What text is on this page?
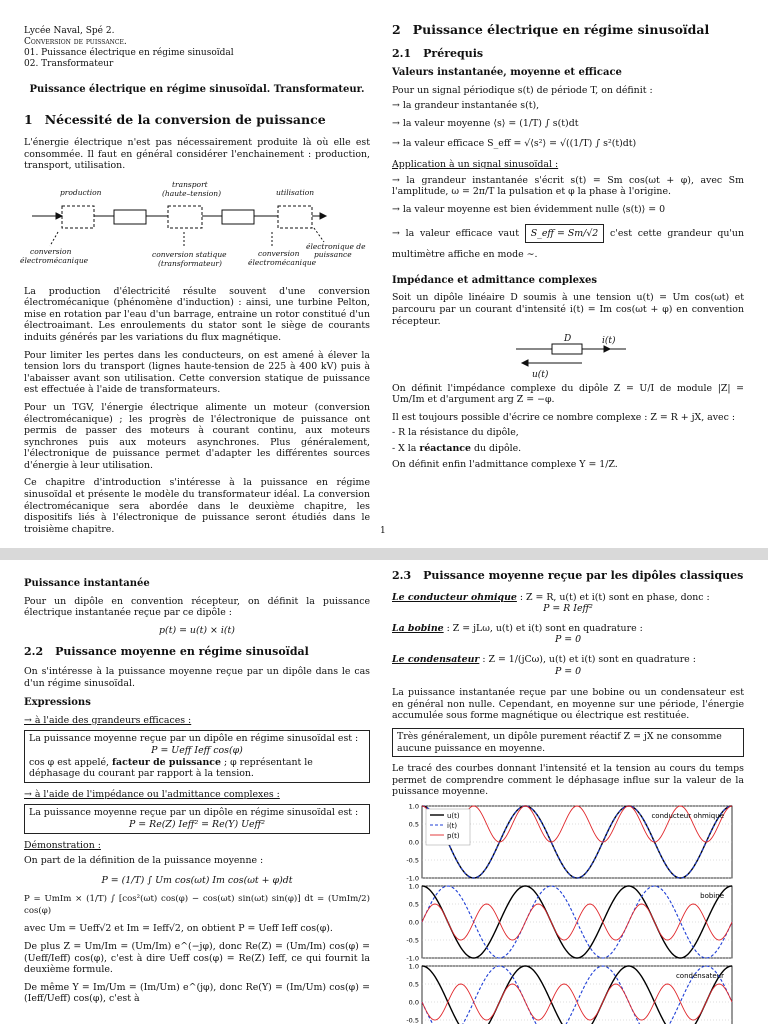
Lycée Naval, Spé 2.
Conversion de puissance.
01. Puissance électrique en régime sinusoïdal
02. Transformateur
Puissance électrique en régime sinusoïdal. Transformateur.
1 Nécessité de la conversion de puissance

L'énergie électrique n'est pas nécessairement produite là où elle est consommée. Il faut en général considérer l'enchainement : production, transport, utilisation.

production
transport
(haute–tension)	utilisation
conversion
électromécanique
conversion statique
(transformateur)
conversion
électromécanique
électronique de
puissance

La production d'électricité résulte souvent d'une conversion électromécanique (phénomène d'induction) : ainsi, une turbine Pelton, mise en rotation par l'eau d'un barrage, entraine un rotor constitué d'un électroaimant. Les enroulements du stator sont le siège de courants induits générés par les variations du flux magnétique.

Pour limiter les pertes dans les conducteurs, on est amené à élever la tension lors du transport (lignes haute-tension de 225 à 400 kV) puis à l'abaisser avant son utilisation. Cette conversion statique de puissance est effectuée à l'aide de transformateurs.

Pour un TGV, l'énergie électrique alimente un moteur (conversion électromécanique) ; les progrès de l'électronique de puissance ont permis de passer des moteurs à courant continu, aux moteurs synchrones puis aux moteurs asynchrones. Plus généralement, l'électronique de puissance permet d'adapter les différentes sources d'énergie à leur utilisation.

Ce chapitre d'introduction s'intéresse à la puissance en régime sinusoïdal et présente le modèle du transformateur idéal. La conversion électromécanique sera abordée dans le deuxième chapitre, les dispositifs liés à l'électronique de puissance seront étudiés dans le troisième chapitre.

2 Puissance électrique en régime sinusoïdal
2.1 Prérequis
Valeurs instantanée, moyenne et efficace
Pour un signal périodique s(t) de période T, on définit :
→ la grandeur instantanée s(t),
→ la valeur moyenne ⟨s⟩ = (1/T) ∫ s(t)dt
→ la valeur efficace S_eff = √⟨s²⟩ = √((1/T) ∫ s²(t)dt)
Application à un signal sinusoïdal :

→ la grandeur instantanée s'écrit s(t) = Sm cos(ωt + φ), avec Sm l'amplitude, ω = 2π/T la pulsation et φ la phase à l'origine.

→ la valeur moyenne est bien évidemment nulle ⟨s(t)⟩ = 0

→ la valeur efficace vaut S_eff = Sm/√2 c'est cette grandeur qu'un multimètre affiche en mode ∼.

Impédance et admittance complexes

Soit un dipôle linéaire D soumis à une tension u(t) = Um cos(ωt) et parcouru par un courant d'intensité i(t) = Im cos(ωt + φ) en convention récepteur.

D	i(t)
u(t)

On définit l'impédance complexe du dipôle Z = U/I de module |Z| = Um/Im et d'argument arg Z = −φ.

Il est toujours possible d'écrire ce nombre complexe : Z = R + jX, avec :
- R la résistance du dipôle,
- X la réactance du dipôle.
On définit enfin l'admittance complexe Y = 1/Z.
1
Puissance instantanée

Pour un dipôle en convention récepteur, on définit la puissance électrique instantanée reçue par ce dipôle :

p(t) = u(t) × i(t)
2.2 Puissance moyenne en régime sinusoïdal

On s'intéresse à la puissance moyenne reçue par un dipôle dans le cas d'un régime sinusoïdal.

Expressions
→ à l'aide des grandeurs efficaces :
La puissance moyenne reçue par un dipôle en régime sinusoïdal est :
P = Ueff Ieff cos(φ)
cos φ est appelé, facteur de puissance ; φ représentant le déphasage du courant par rapport à la tension.
→ à l'aide de l'impédance ou l'admittance complexes :
La puissance moyenne reçue par un dipôle en régime sinusoïdal est :
P = Re(Z) Ieff² = Re(Y) Ueff²
Démonstration :
On part de la définition de la puissance moyenne :
P = (1/T) ∫ Um cos(ωt) Im cos(ωt + φ)dt

P = UmIm × (1/T) ∫ [cos²(ωt) cos(φ) − cos(ωt) sin(ωt) sin(φ)] dt = (UmIm/2) cos(φ)

avec Um = Ueff√2 et Im = Ieff√2, on obtient P = Ueff Ieff cos(φ).

De plus Z = Um/Im = (Um/Im) e^(−jφ), donc Re(Z) = (Um/Im) cos(φ) = (Ueff/Ieff) cos(φ), c'est à dire Ueff cos(φ) = Re(Z) Ieff, ce qui fournit la deuxième formule.

De même Y = Im/Um = (Im/Um) e^(jφ), donc Re(Y) = (Im/Um) cos(φ) = (Ieff/Ueff) cos(φ), c'est à

2.3 Puissance moyenne reçue par les dipôles classiques
Le conducteur ohmique : Z = R, u(t) et i(t) sont en phase, donc :
P = R Ieff²
La bobine : Z = jLω, u(t) et i(t) sont en quadrature :
P = 0
Le condensateur : Z = 1/(jCω), u(t) et i(t) sont en quadrature :
P = 0

La puissance instantanée reçue par une bobine ou un condensateur est en général non nulle. Cependant, en moyenne sur une période, l'énergie accumulée sous forme magnétique ou électrique est restituée.

Très généralement, un dipôle purement réactif Z = jX ne consomme aucune puissance en moyenne.

Le tracé des courbes donnant l'intensité et la tension au cours du temps permet de comprendre comment le déphasage influe sur la valeur de la puissance moyenne.

1.0
0.5
0.0
-0.5
-1.0
conducteur ohmique
u(t)
i(t)
p(t)
1.0
0.5
0.0
-0.5
-1.0
bobine
1.0
0.5
0.0
-0.5
condensateur
